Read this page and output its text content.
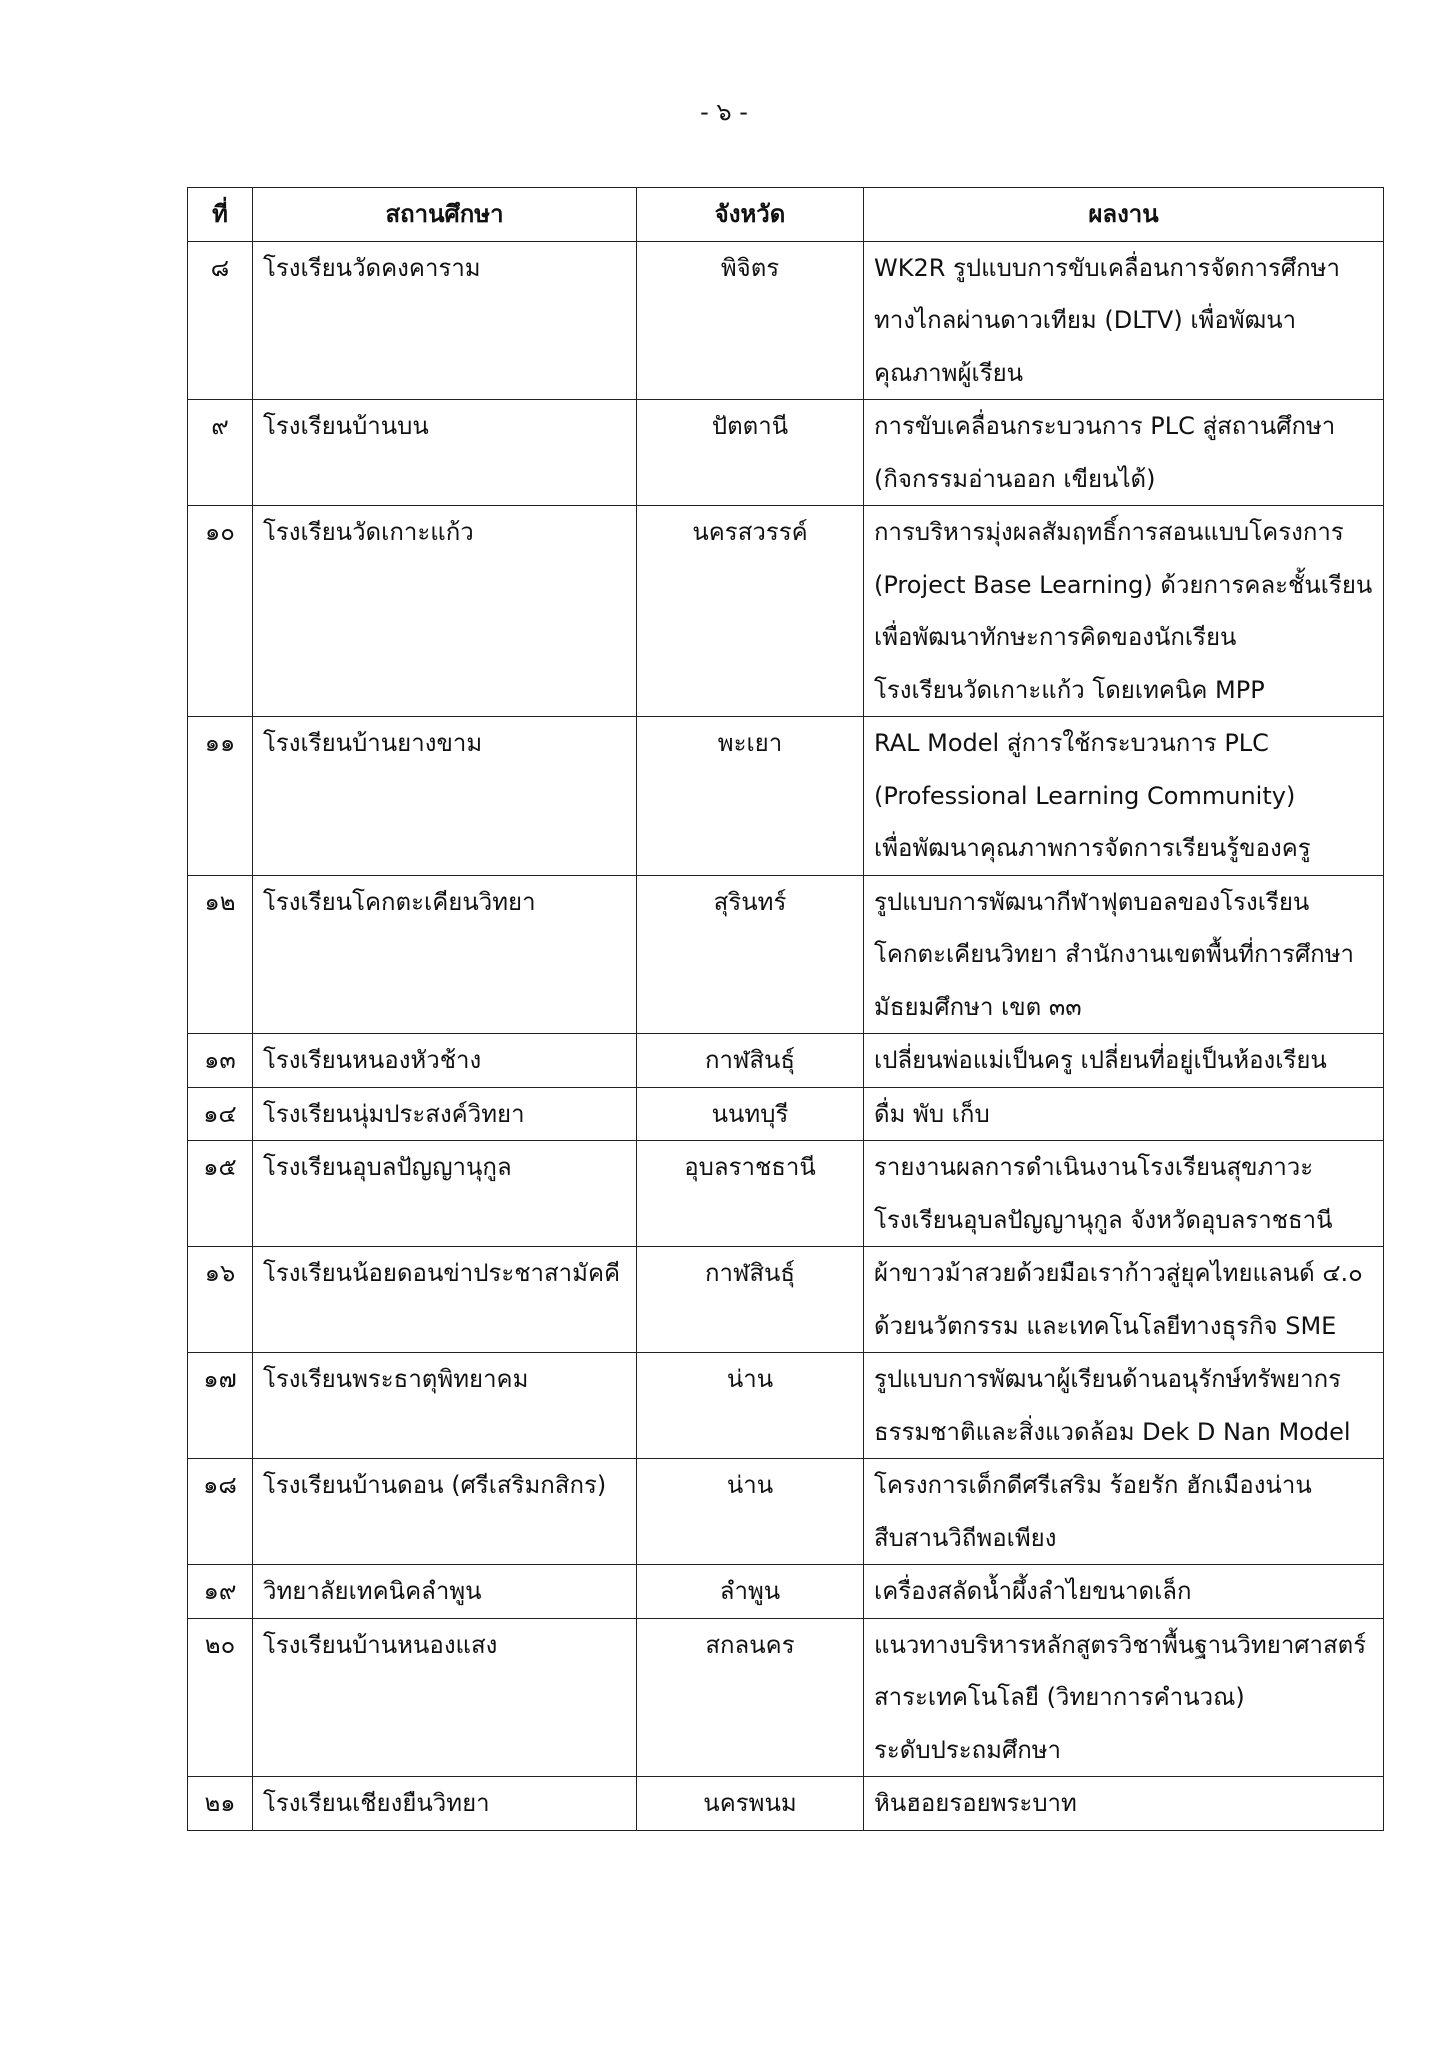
- ๖ -
ที่	สถานศึกษา	จังหวัด	ผลงาน
๘	โรงเรียนวัดคงคาราม	พิจิตร	WK2R รูปแบบการขับเคลื่อนการจัดการศึกษา
ทางไกลผ่านดาวเทียม (DLTV) เพื่อพัฒนา
คุณภาพผู้เรียน

๙	โรงเรียนบ้านบน	ปัตตานี	การขับเคลื่อนกระบวนการ PLC สู่สถานศึกษา
(กิจกรรมอ่านออก เขียนได้)

๑๐	โรงเรียนวัดเกาะแก้ว	นครสวรรค์	การบริหารมุ่งผลสัมฤทธิ์การสอนแบบโครงการ
(Project Base Learning) ด้วยการคละชั้นเรียน
เพื่อพัฒนาทักษะการคิดของนักเรียน
โรงเรียนวัดเกาะแก้ว โดยเทคนิค MPP

๑๑	โรงเรียนบ้านยางขาม	พะเยา	RAL Model สู่การใช้กระบวนการ PLC
(Professional Learning Community)
เพื่อพัฒนาคุณภาพการจัดการเรียนรู้ของครู

๑๒	โรงเรียนโคกตะเคียนวิทยา	สุรินทร์	รูปแบบการพัฒนากีฬาฟุตบอลของโรงเรียน
โคกตะเคียนวิทยา สำนักงานเขตพื้นที่การศึกษา
มัธยมศึกษา เขต ๓๓

๑๓	โรงเรียนหนองหัวช้าง	กาฬสินธุ์	เปลี่ยนพ่อแม่เป็นครู เปลี่ยนที่อยู่เป็นห้องเรียน

๑๔	โรงเรียนนุ่มประสงค์วิทยา	นนทบุรี	ดื่ม พับ เก็บ

๑๕	โรงเรียนอุบลปัญญานุกูล	อุบลราชธานี	รายงานผลการดำเนินงานโรงเรียนสุขภาวะ
โรงเรียนอุบลปัญญานุกูล จังหวัดอุบลราชธานี

๑๖	โรงเรียนน้อยดอนข่าประชาสามัคคี	กาฬสินธุ์	ผ้าขาวม้าสวยด้วยมือเราก้าวสู่ยุคไทยแลนด์ ๔.๐
ด้วยนวัตกรรม และเทคโนโลยีทางธุรกิจ SME

๑๗	โรงเรียนพระธาตุพิทยาคม	น่าน	รูปแบบการพัฒนาผู้เรียนด้านอนุรักษ์ทรัพยากร
ธรรมชาติและสิ่งแวดล้อม Dek D Nan Model

๑๘	โรงเรียนบ้านดอน (ศรีเสริมกสิกร)	น่าน	โครงการเด็กดีศรีเสริม ร้อยรัก ฮักเมืองน่าน
สืบสานวิถีพอเพียง

๑๙	วิทยาลัยเทคนิคลำพูน	ลำพูน	เครื่องสลัดน้ำผึ้งลำไยขนาดเล็ก

๒๐	โรงเรียนบ้านหนองแสง	สกลนคร	แนวทางบริหารหลักสูตรวิชาพื้นฐานวิทยาศาสตร์
สาระเทคโนโลยี (วิทยาการคำนวณ)
ระดับประถมศึกษา

๒๑	โรงเรียนเชียงยืนวิทยา	นครพนม	หินฮอยรอยพระบาท
